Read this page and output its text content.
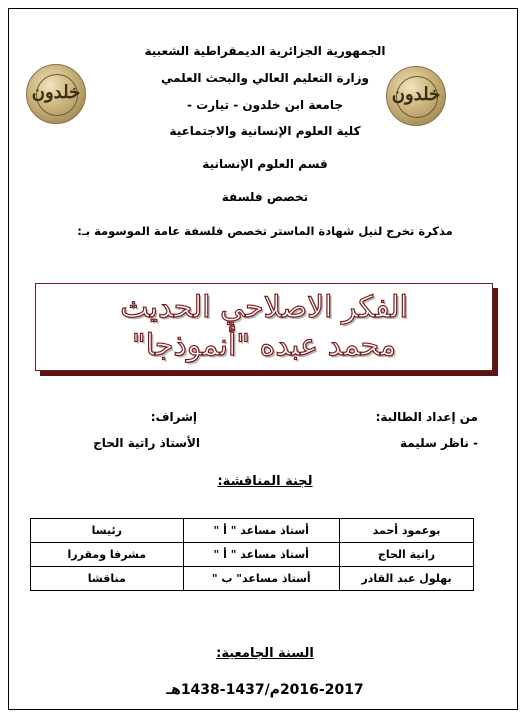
خلدون	خلدون
الجمهورية الجزائرية الديمقراطية الشعبية
وزارة التعليم العالي والبحث العلمي
جامعة ابن خلدون - تيارت -
كلية العلوم الإنسانية والاجتماعية
قسم العلوم الإنسانية
تخصص فلسفة
مذكرة تخرج لنيل شهادة الماستر تخصص فلسفة عامة الموسومة بـ:
الفكر الاصلاحي الحديث
محمد عبده "أنموذجا"
من إعداد الطالبة:
- ناظر سليمة
إشراف:
الأستاذ راتية الحاج
لجنة المناقشة:
بوعمود أحمد	أستاذ مساعد " أ "	رئيسا
راتية الحاج	أستاذ مساعد " أ "	مشرفا ومقررا
بهلول عبد القادر	أستاذ مساعد" ب "	مناقشا
السنة الجامعية:
2016-2017م/1437-1438هـ
